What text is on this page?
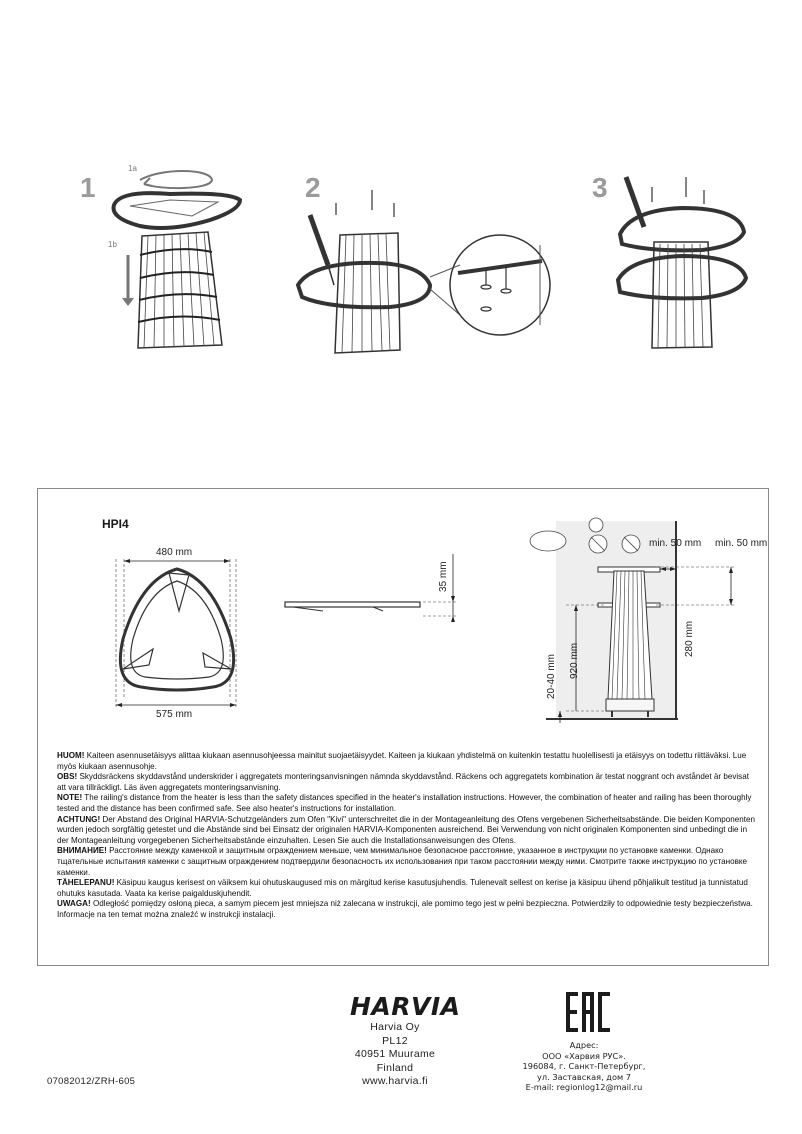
1
1a
1b
2	3
HPI4
480 mm
575 mm
35 mm
min. 50 mm min. 50 mm
920 mm
280 mm
20-40 mm

HUOM! Kaiteen asennusetäisyys alittaa kiukaan asennusohjeessa mainitut suojaetäisyydet. Kaiteen ja kiukaan yhdistelmä on kuitenkin testattu huolellisesti ja etäisyys on todettu riittäväksi. Lue myös kiukaan asennusohje.

OBS! Skyddsräckens skyddavstånd underskrider i aggregatets monteringsanvisningen nämnda skyddavstånd. Räckens och aggregatets kombination är testat noggrant och avståndet är bevisat att vara tillräckligt. Läs även aggregatets monteringsanvisning.

NOTE! The railing's distance from the heater is less than the safety distances specified in the heater's installation instructions. However, the combination of heater and railing has been thoroughly tested and the distance has been confirmed safe. See also heater's instructions for installation.

ACHTUNG! Der Abstand des Original HARVIA-Schutzgeländers zum Ofen "Kivi" unterschreitet die in der Montageanleitung des Ofens vergebenen Sicherheitsabstände. Die beiden Komponenten wurden jedoch sorgfältig getestet und die Abstände sind bei Einsatz der originalen HARVIA-Komponenten ausreichend. Bei Verwendung von nicht originalen Komponenten sind unbedingt die in der Montageanleitung vorgegebenen Sicherheitsabstände einzuhalten. Lesen Sie auch die Installationsanweisungen des Ofens.

ВНИМАНИЕ! Расстояние между каменкой и защитным ограждением меньше, чем минимальное безопасное расстояние, указанное в инструкции по установке каменки. Однако тщательные испытания каменки с защитным ограждением подтвердили безопасность их использования при таком расстоянии между ними. Смотрите также инструкцию по установке каменки.

TÄHELEPANU! Käsipuu kaugus kerisest on väiksem kui ohutuskaugused mis on märgitud kerise kasutusjuhendis. Tulenevalt sellest on kerise ja käsipuu ühend põhjalikult testitud ja tunnistatud ohutuks kasutada. Vaata ka kerise paigalduskjuhendit.

UWAGA! Odległość pomiędzy osłoną pieca, a samym piecem jest mniejsza niż zalecana w instrukcji, ale pomimo tego jest w pełni bezpieczna. Potwierdziły to odpowiednie testy bezpieczeństwa. Informacje na ten temat można znaleźć w instrukcji instalacji.

HARVIA
Harvia Oy
PL12
40951 Muurame
Finland
www.harvia.fi
Адрес:
ООО «Харвия РУС».
196084, г. Санкт-Петербург,
ул. Заставская, дом 7
E-mail: regionlog12@mail.ru
07082012/ZRH-605
